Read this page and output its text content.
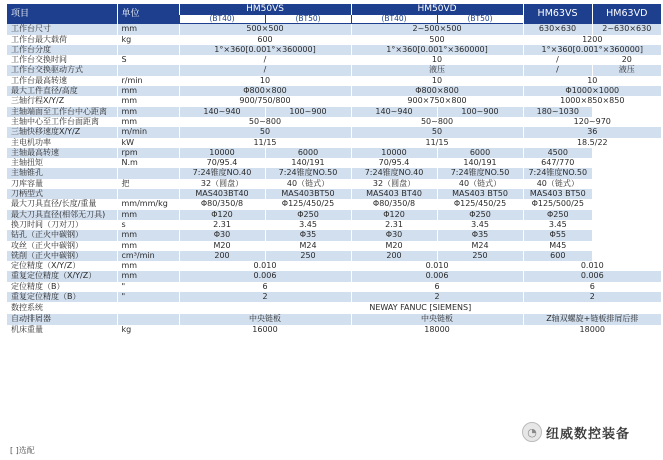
项目	单位	HM50VS		HM50VD		HM63VS	HM63VD
		(BT40)	(BT50)	(BT40)	(BT50)		
工作台尺寸	mm	500×500		2~500×500		630×630	2~630×630
工作台最大载荷	kg	600		500		1200	
工作台分度		1°×360[0.001°×360000]		1°×360[0.001°×360000]		1°×360[0.001°×360000]	
工作台交换时间	S	/		10		/	20
工作台交换驱动方式		/		液压		/	液压
工作台最高转速	r/min	10		10		10	
最大工件直径/高度	mm	Φ800×800		Φ800×800		Φ1000×1000	
三轴行程X/Y/Z	mm	900/750/800		900×750×800		1000×850×850	
主轴端面至工作台中心距离	mm	140~940	100~900	140~940	100~900	180~1030	
主轴中心至工作台面距离	mm	50~800		50~800		120~970	
三轴快移速度X/Y/Z	m/min	50		50		36	
主电机功率	kW	11/15		11/15		18.5/22	
主轴最高转速	rpm	10000	6000	10000	6000	4500	
主轴扭矩	N.m	70/95.4	140/191	70/95.4	140/191	647/770	
主轴锥孔		7:24锥度NO.40	7:24锥度NO.50	7:24锥度NO.40	7:24锥度NO.50	7:24锥度NO.50	
刀库容量	把	32（圆盘）	40（链式）	32（圆盘）	40（链式）	40（链式）	
刀柄型式		MAS403BT40	MAS403BT50	MAS403 BT40	MAS403 BT50	MAS403 BT50	
最大刀具直径/长度/重量	mm/mm/kg	Φ80/350/8	Φ125/450/25	Φ80/350/8	Φ125/450/25	Φ125/500/25	
最大刀具直径(相邻无刀具)	mm	Φ120	Φ250	Φ120	Φ250	Φ250	
换刀时间（刀对刀）	s	2.31	3.45	2.31	3.45	3.45	
钻孔（正火中碳钢）	mm	Φ30	Φ35	Φ30	Φ35	Φ55	
攻丝（正火中碳钢）	mm	M20	M24	M20	M24	M45	
铣削（正火中碳钢）	cm³/min	200	250	200	250	600	
定位精度（X/Y/Z）	mm	0.010		0.010		0.010	
重复定位精度（X/Y/Z）	mm	0.006		0.006		0.006	
定位精度（B）	"	6		6		6	
重复定位精度（B）	"	2		2		2	
数控系统		NEWAY FANUC [SIEMENS]					
自动排屑器		中央链板		中央链板		Z轴双螺旋+链板排屑后排	
机床重量	kg	16000		18000		18000	
[ ]选配
◔ 纽威数控装备
